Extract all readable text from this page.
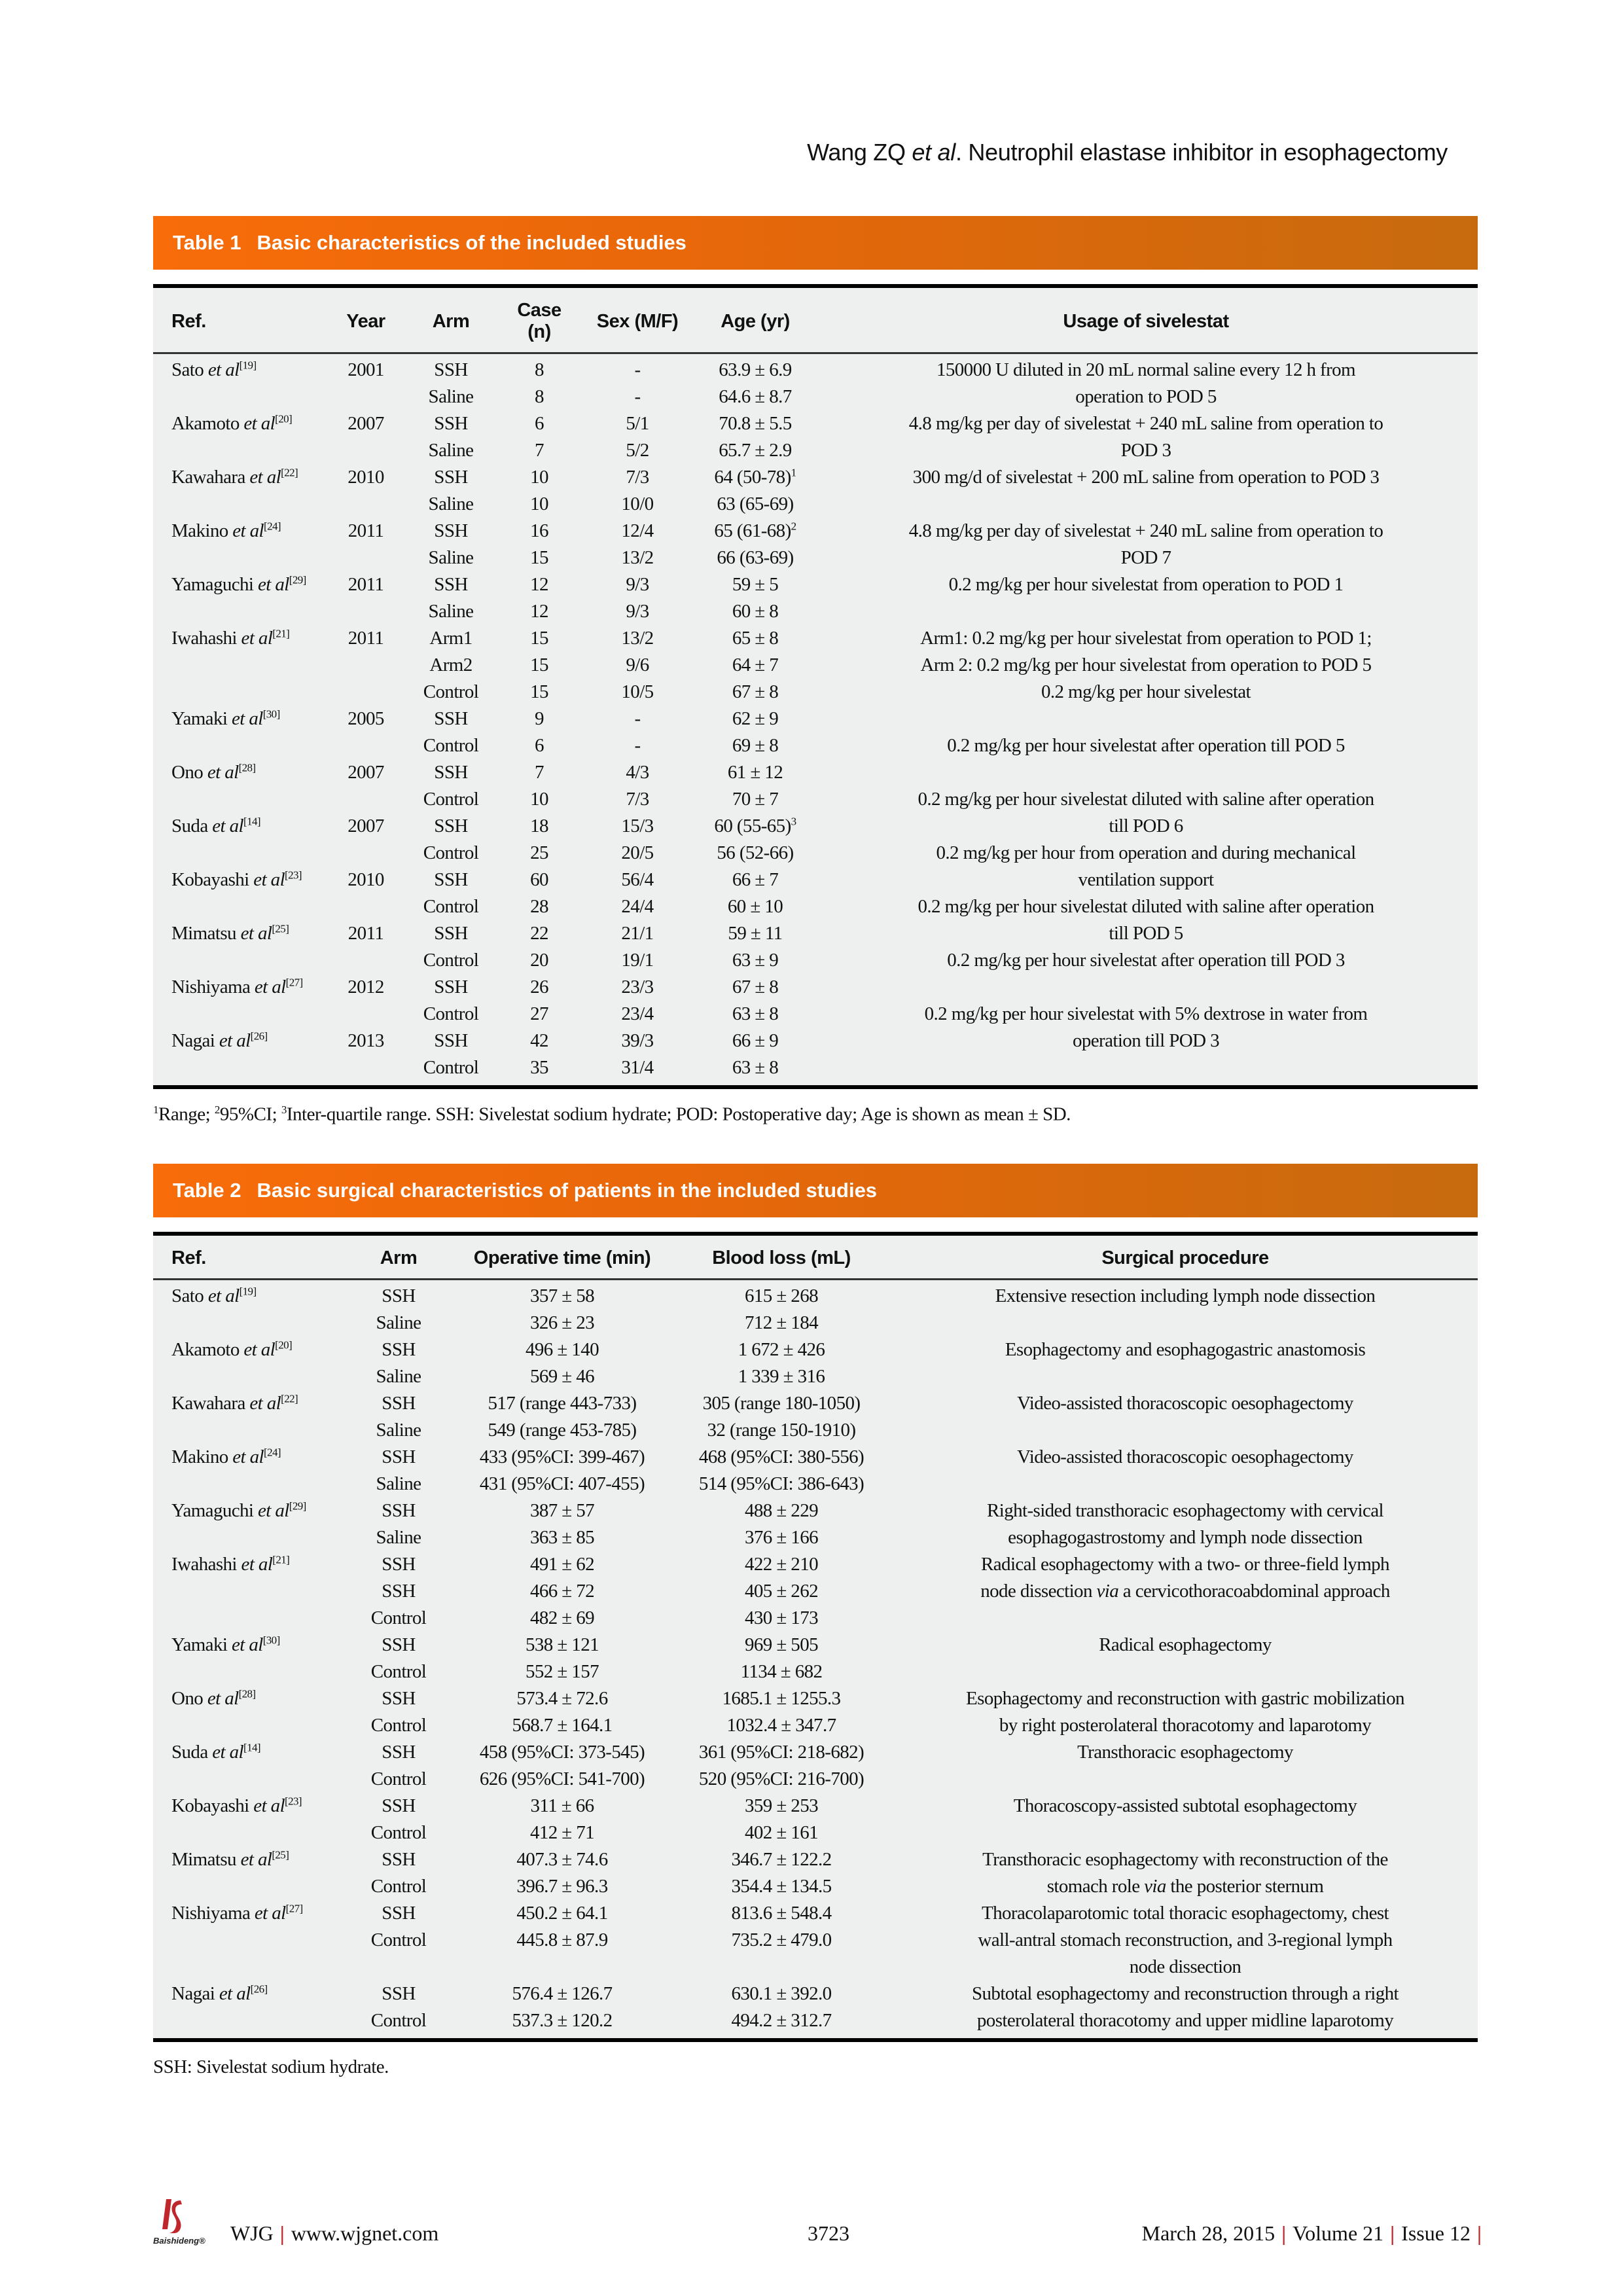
Wang ZQ et al. Neutrophil elastase inhibitor in esophagectomy
Table 1 Basic characteristics of the included studies
Ref.	Year	Arm	Case (n)	Sex (M/F)	Age (yr)	Usage of sivelestat
Sato et al[19]	2001	SSH	8	-	63.9 ± 6.9	150000 U diluted in 20 mL normal saline every 12 h from
		Saline	8	-	64.6 ± 8.7	operation to POD 5
Akamoto et al[20]	2007	SSH	6	5/1	70.8 ± 5.5	4.8 mg/kg per day of sivelestat + 240 mL saline from operation to
		Saline	7	5/2	65.7 ± 2.9	POD 3
Kawahara et al[22]	2010	SSH	10	7/3	64 $(50-78)^1$	300 mg/d of sivelestat + 200 mL saline from operation to POD 3
		Saline	10	10/0	63 (65-69)	
Makino et al[24]	2011	SSH	16	12/4	65 $(61-68)^2$	4.8 mg/kg per day of sivelestat + 240 mL saline from operation to
		Saline	15	13/2	66 (63-69)	POD 7
Yamaguchi et al[29]	2011	SSH	12	9/3	59 ± 5	0.2 mg/kg per hour sivelestat from operation to POD 1
		Saline	12	9/3	60 ± 8	
Iwahashi et al[21]	2011	Arm1	15	13/2	65 ± 8	Arm1: 0.2 mg/kg per hour sivelestat from operation to POD 1;
		Arm2	15	9/6	64 ± 7	Arm 2: 0.2 mg/kg per hour sivelestat from operation to POD 5
		Control	15	10/5	67 ± 8	0.2 mg/kg per hour sivelestat
Yamaki et al[30]	2005	SSH	9	-	62 ± 9	
		Control	6	-	69 ± 8	0.2 mg/kg per hour sivelestat after operation till POD 5
Ono et al[28]	2007	SSH	7	4/3	61 ± 12	
		Control	10	7/3	70 ± 7	0.2 mg/kg per hour sivelestat diluted with saline after operation
Suda et al[14]	2007	SSH	18	15/3	60 $(55-65)^3$	till POD 6
		Control	25	20/5	56 (52-66)	0.2 mg/kg per hour from operation and during mechanical
Kobayashi et al[23]	2010	SSH	60	56/4	66 ± 7	ventilation support
		Control	28	24/4	60 ± 10	0.2 mg/kg per hour sivelestat diluted with saline after operation
Mimatsu et al[25]	2011	SSH	22	21/1	59 ± 11	till POD 5
		Control	20	19/1	63 ± 9	0.2 mg/kg per hour sivelestat after operation till POD 3
Nishiyama et al[27]	2012	SSH	26	23/3	67 ± 8	
		Control	27	23/4	63 ± 8	0.2 mg/kg per hour sivelestat with 5% dextrose in water from
Nagai et al[26]	2013	SSH	42	39/3	66 ± 9	operation till POD 3
		Control	35	31/4	63 ± 8	
$^1$Range; $^2$95%CI; $^3$Inter-quartile range. SSH: Sivelestat sodium hydrate; POD: Postoperative day; Age is shown as mean ± SD.
Table 2 Basic surgical characteristics of patients in the included studies
Ref.	Arm	Operative time (min)	Blood loss (mL)	Surgical procedure
Sato et al[19]	SSH	357 ± 58	615 ± 268	Extensive resection including lymph node dissection
	Saline	326 ± 23	712 ± 184	
Akamoto et al[20]	SSH	496 ± 140	1 672 ± 426	Esophagectomy and esophagogastric anastomosis
	Saline	569 ± 46	1 339 ± 316	
Kawahara et al[22]	SSH	517 (range 443-733)	305 (range 180-1050)	Video-assisted thoracoscopic oesophagectomy
	Saline	549 (range 453-785)	32 (range 150-1910)	
Makino et al[24]	SSH	433 (95%CI: 399-467)	468 (95%CI: 380-556)	Video-assisted thoracoscopic oesophagectomy
	Saline	431 (95%CI: 407-455)	514 (95%CI: 386-643)	
Yamaguchi et al[29]	SSH	387 ± 57	488 ± 229	Right-sided transthoracic esophagectomy with cervical
	Saline	363 ± 85	376 ± 166	esophagogastrostomy and lymph node dissection
Iwahashi et al[21]	SSH	491 ± 62	422 ± 210	Radical esophagectomy with a two- or three-field lymph
	SSH	466 ± 72	405 ± 262	node dissection via a cervicothoracoabdominal approach
	Control	482 ± 69	430 ± 173	
Yamaki et al[30]	SSH	538 ± 121	969 ± 505	Radical esophagectomy
	Control	552 ± 157	1134 ± 682	
Ono et al[28]	SSH	573.4 ± 72.6	1685.1 ± 1255.3	Esophagectomy and reconstruction with gastric mobilization
	Control	568.7 ± 164.1	1032.4 ± 347.7	by right posterolateral thoracotomy and laparotomy
Suda et al[14]	SSH	458 (95%CI: 373-545)	361 (95%CI: 218-682)	Transthoracic esophagectomy
	Control	626 (95%CI: 541-700)	520 (95%CI: 216-700)	
Kobayashi et al[23]	SSH	311 ± 66	359 ± 253	Thoracoscopy-assisted subtotal esophagectomy
	Control	412 ± 71	402 ± 161	
Mimatsu et al[25]	SSH	407.3 ± 74.6	346.7 ± 122.2	Transthoracic esophagectomy with reconstruction of the
	Control	396.7 ± 96.3	354.4 ± 134.5	stomach role via the posterior sternum
Nishiyama et al[27]	SSH	450.2 ± 64.1	813.6 ± 548.4	Thoracolaparotomic total thoracic esophagectomy, chest
	Control	445.8 ± 87.9	735.2 ± 479.0	wall-antral stomach reconstruction, and 3-regional lymph
				node dissection
Nagai et al[26]	SSH	576.4 ± 126.7	630.1 ± 392.0	Subtotal esophagectomy and reconstruction through a right
	Control	537.3 ± 120.2	494.2 ± 312.7	posterolateral thoracotomy and upper midline laparotomy
SSH: Sivelestat sodium hydrate.
Baishideng® WJG | www.wjgnet.com	3723	March 28, 2015 | Volume 21 | Issue 12 |
